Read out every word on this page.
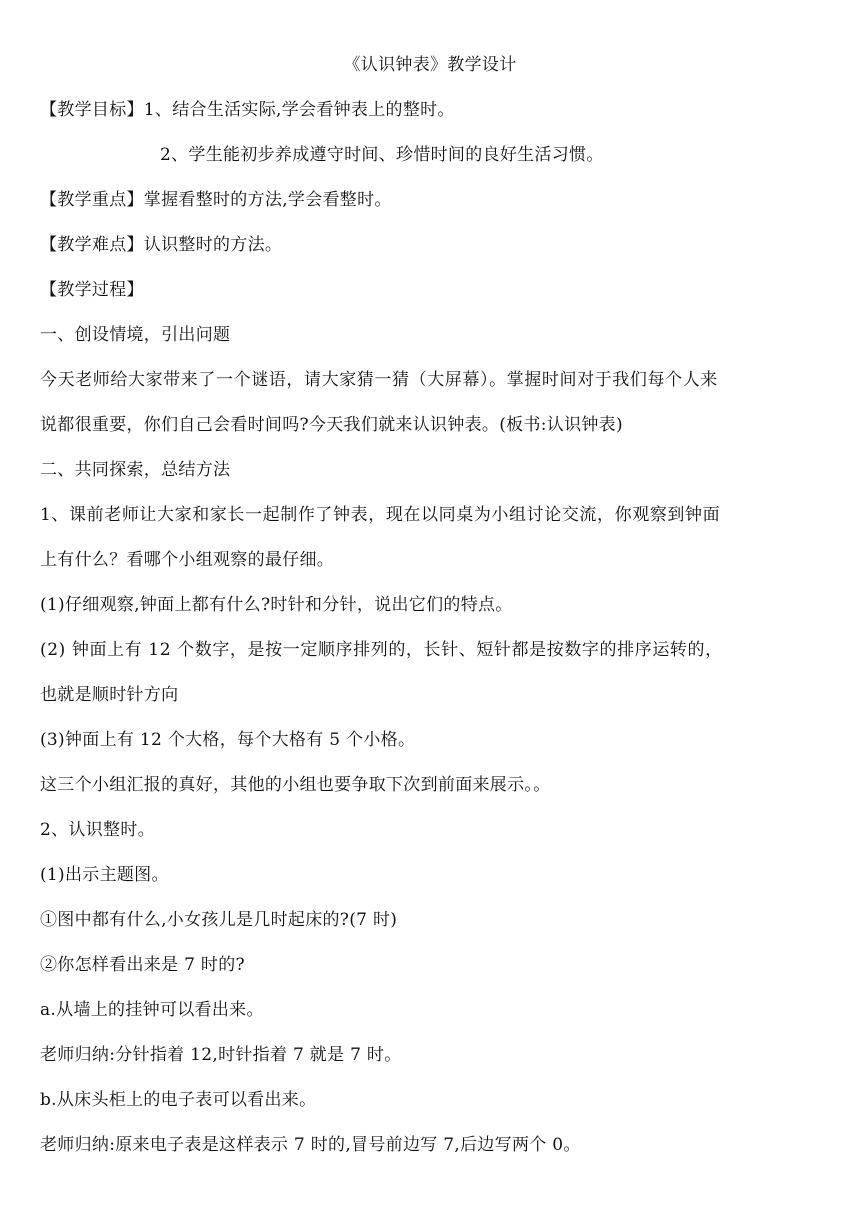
《认识钟表》教学设计
【教学目标】1、结合生活实际,学会看钟表上的整时。
2、学生能初步养成遵守时间、珍惜时间的良好生活习惯。
【教学重点】掌握看整时的方法,学会看整时。
【教学难点】认识整时的方法。
【教学过程】
一、创设情境，引出问题
今天老师给大家带来了一个谜语，请大家猜一猜（大屏幕）。掌握时间对于我们每个人来
说都很重要，你们自己会看时间吗?今天我们就来认识钟表。(板书:认识钟表)
二、共同探索，总结方法
1、课前老师让大家和家长一起制作了钟表，现在以同桌为小组讨论交流，你观察到钟面
上有什么？看哪个小组观察的最仔细。
(1)仔细观察,钟面上都有什么?时针和分针，说出它们的特点。
(2) 钟面上有 12 个数字，是按一定顺序排列的，长针、短针都是按数字的排序运转的，
也就是顺时针方向
(3)钟面上有 12 个大格，每个大格有 5 个小格。
这三个小组汇报的真好，其他的小组也要争取下次到前面来展示。。
2、认识整时。
(1)出示主题图。
①图中都有什么,小女孩儿是几时起床的?(7 时)
②你怎样看出来是 7 时的?
a.从墙上的挂钟可以看出来。
老师归纳:分针指着 12,时针指着 7 就是 7 时。
b.从床头柜上的电子表可以看出来。
老师归纳:原来电子表是这样表示 7 时的,冒号前边写 7,后边写两个 0。
